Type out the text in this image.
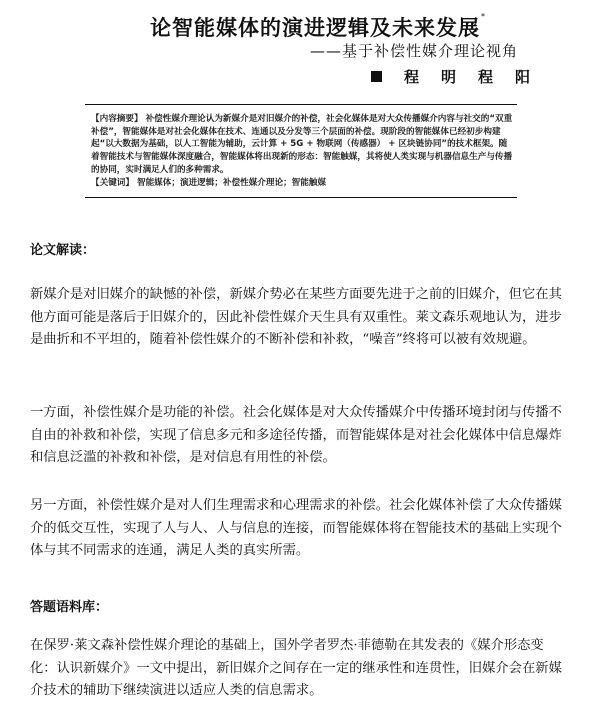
论智能媒体的演进逻辑及未来发展*
——基于补偿性媒介理论视角
程明程阳
【内容摘要】 补偿性媒介理论认为新媒介是对旧媒介的补偿，社会化媒体是对大众传播媒介内容与社交的“双重补偿”，智能媒体是对社会化媒体在技术、连通以及分发等三个层面的补偿。现阶段的智能媒体已经初步构建起“以大数据为基础，以人工智能为辅助，云计算 + 5G + 物联网（传感器） + 区块链协同”的技术框架。随着智能技术与智能媒体深度融合，智能媒体将出现新的形态：智能触媒，其将使人类实现与机器信息生产与传播的协同，实时满足人们的多种需求。
【关键词】 智能媒体；演进逻辑；补偿性媒介理论；智能触媒
论文解读：
新媒介是对旧媒介的缺憾的补偿，新媒介势必在某些方面要先进于之前的旧媒介，但它在其他方面可能是落后于旧媒介的，因此补偿性媒介天生具有双重性。莱文森乐观地认为，进步是曲折和不平坦的，随着补偿性媒介的不断补偿和补救，“噪音”终将可以被有效规避。
一方面，补偿性媒介是功能的补偿。社会化媒体是对大众传播媒介中传播环境封闭与传播不自由的补救和补偿，实现了信息多元和多途径传播，而智能媒体是对社会化媒体中信息爆炸和信息泛滥的补救和补偿，是对信息有用性的补偿。
另一方面，补偿性媒介是对人们生理需求和心理需求的补偿。社会化媒体补偿了大众传播媒介的低交互性，实现了人与人、人与信息的连接，而智能媒体将在智能技术的基础上实现个体与其不同需求的连通，满足人类的真实所需。
答题语料库：
在保罗·莱文森补偿性媒介理论的基础上，国外学者罗杰·菲德勒在其发表的《媒介形态变化：认识新媒介》一文中提出，新旧媒介之间存在一定的继承性和连贯性，旧媒介会在新媒介技术的辅助下继续演进以适应人类的信息需求。
